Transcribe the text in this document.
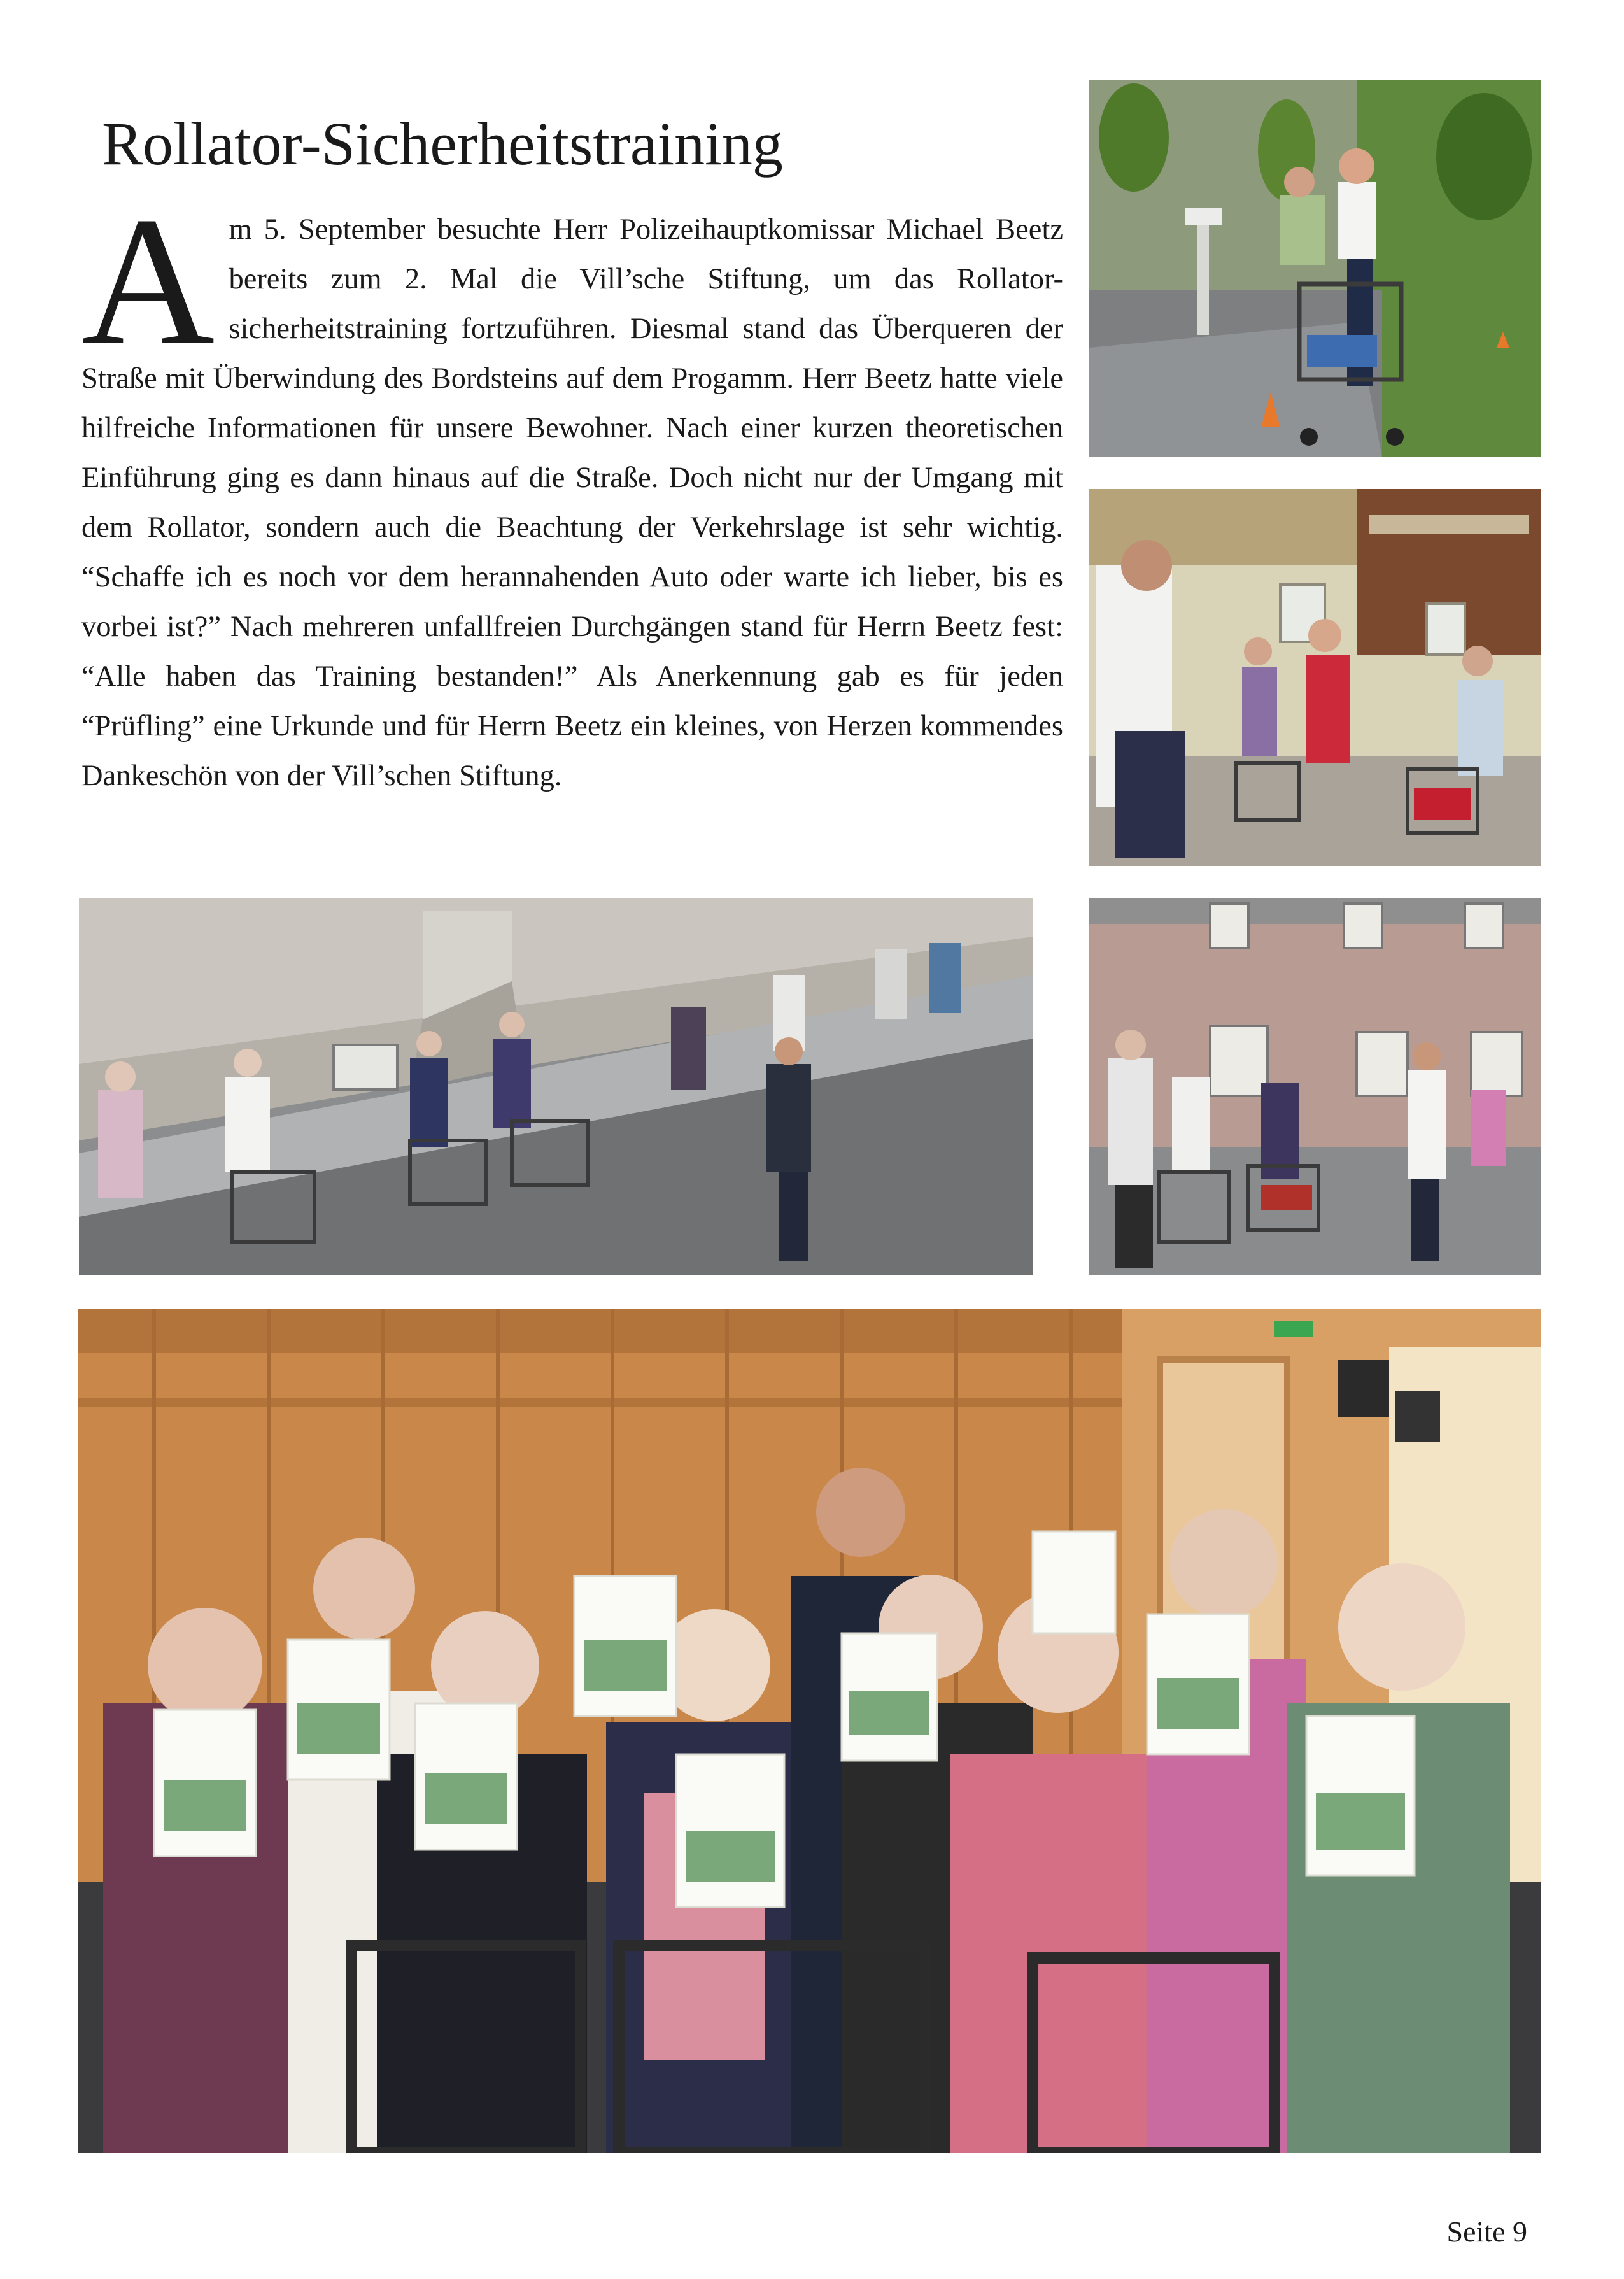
Rollator-Sicherheitstraining
Am 5. September besuchte Herr Polizeihauptkomissar Michael Beetz bereits zum 2. Mal die Vill’sche Stiftung, um das Rollator-sicherheitstraining fortzuführen. Diesmal stand das Überqueren der Straße mit Überwindung des Bordsteins auf dem Progamm. Herr Beetz hatte viele hilfreiche Informationen für unsere Bewohner. Nach einer kurzen theoretischen Einführung ging es dann hinaus auf die Straße. Doch nicht nur der Umgang mit dem Rollator, sondern auch die Beachtung der Verkehrslage ist sehr wichtig. “Schaffe ich es noch vor dem herannahenden Auto oder warte ich lieber, bis es vorbei ist?” Nach mehreren unfallfreien Durchgängen stand für Herrn Beetz fest: “Alle haben das Training bestanden!” Als Anerkennung gab es für jeden “Prüfling” eine Urkunde und für Herrn Beetz ein kleines, von Herzen kommendes Dankeschön von der Vill’schen Stiftung.
Seite 9
